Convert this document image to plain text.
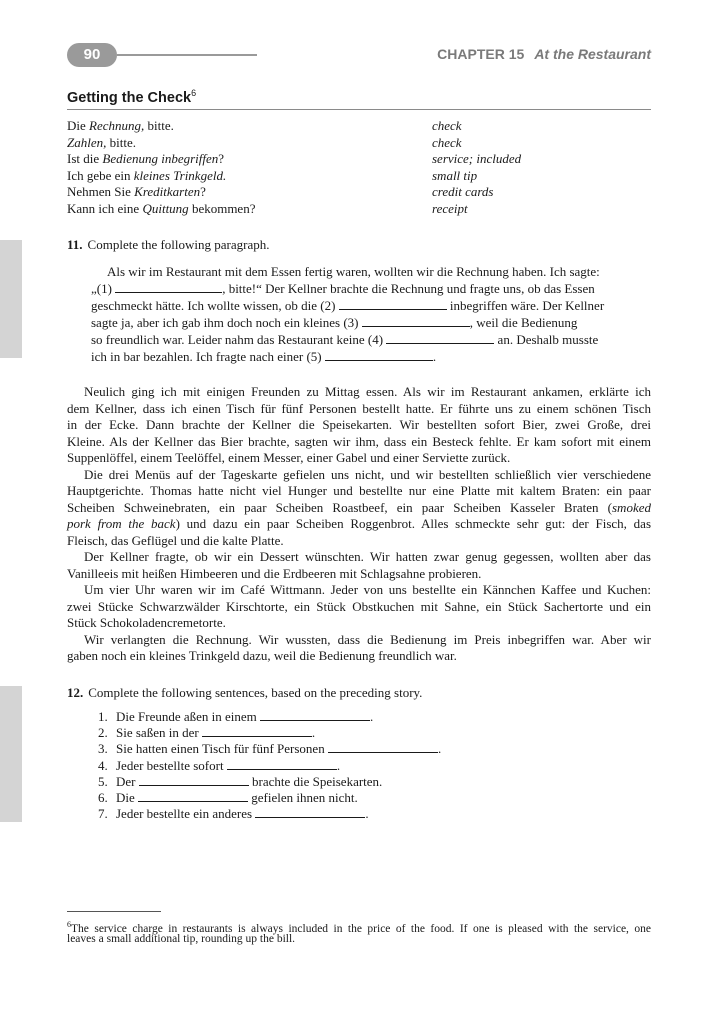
90	CHAPTER 15 At the Restaurant
Getting the Check$^6$
Die Rechnung, bitte.	check
Zahlen, bitte.	check
Ist die Bedienung inbegriffen?	service; included
Ich gebe ein kleines Trinkgeld.	small tip
Nehmen Sie Kreditkarten?	credit cards
Kann ich eine Quittung bekommen?	receipt
11. Complete the following paragraph.
Als wir im Restaurant mit dem Essen fertig waren, wollten wir die Rechnung haben. Ich sagte:
„(1)	, bitte!“ Der Kellner brachte die Rechnung und fragte uns, ob das Essen
geschmeckt hätte. Ich wollte wissen, ob die (2)	inbegriffen wäre. Der Kellner
sagte ja, aber ich gab ihm doch noch ein kleines (3)	, weil die Bedienung
so freundlich war. Leider nahm das Restaurant keine (4)	an. Deshalb musste
ich in bar bezahlen. Ich fragte nach einer (5)	.
Neulich ging ich mit einigen Freunden zu Mittag essen. Als wir im Restaurant ankamen, erklärte ich
dem Kellner, dass ich einen Tisch für fünf Personen bestellt hatte. Er führte uns zu einem schönen Tisch
in der Ecke. Dann brachte der Kellner die Speisekarten. Wir bestellten sofort Bier, zwei Große, drei
Kleine. Als der Kellner das Bier brachte, sagten wir ihm, dass ein Besteck fehlte. Er kam sofort mit einem
Suppenlöffel, einem Teelöffel, einem Messer, einer Gabel und einer Serviette zurück.
Die drei Menüs auf der Tageskarte gefielen uns nicht, und wir bestellten schließlich vier verschiedene
Hauptgerichte. Thomas hatte nicht viel Hunger und bestellte nur eine Platte mit kaltem Braten: ein paar
Scheiben Schweinebraten, ein paar Scheiben Roastbeef, ein paar Scheiben Kasseler Braten (smoked
pork from the back) und dazu ein paar Scheiben Roggenbrot. Alles schmeckte sehr gut: der Fisch, das
Fleisch, das Geflügel und die kalte Platte.
Der Kellner fragte, ob wir ein Dessert wünschten. Wir hatten zwar genug gegessen, wollten aber das
Vanilleeis mit heißen Himbeeren und die Erdbeeren mit Schlagsahne probieren.
Um vier Uhr waren wir im Café Wittmann. Jeder von uns bestellte ein Kännchen Kaffee und Kuchen:
zwei Stücke Schwarzwälder Kirschtorte, ein Stück Obstkuchen mit Sahne, ein Stück Sachertorte und ein
Stück Schokoladencremetorte.
Wir verlangten die Rechnung. Wir wussten, dass die Bedienung im Preis inbegriffen war. Aber wir
gaben noch ein kleines Trinkgeld dazu, weil die Bedienung freundlich war.
12. Complete the following sentences, based on the preceding story.
1. Die Freunde aßen in einem	.
2. Sie saßen in der	.
3. Sie hatten einen Tisch für fünf Personen	.
4. Jeder bestellte sofort	.
5. Der	brachte die Speisekarten.
6. Die	gefielen ihnen nicht.
7. Jeder bestellte ein anderes	.
$^6$The service charge in restaurants is always included in the price of the food. If one is pleased with the service, one
leaves a small additional tip, rounding up the bill.
